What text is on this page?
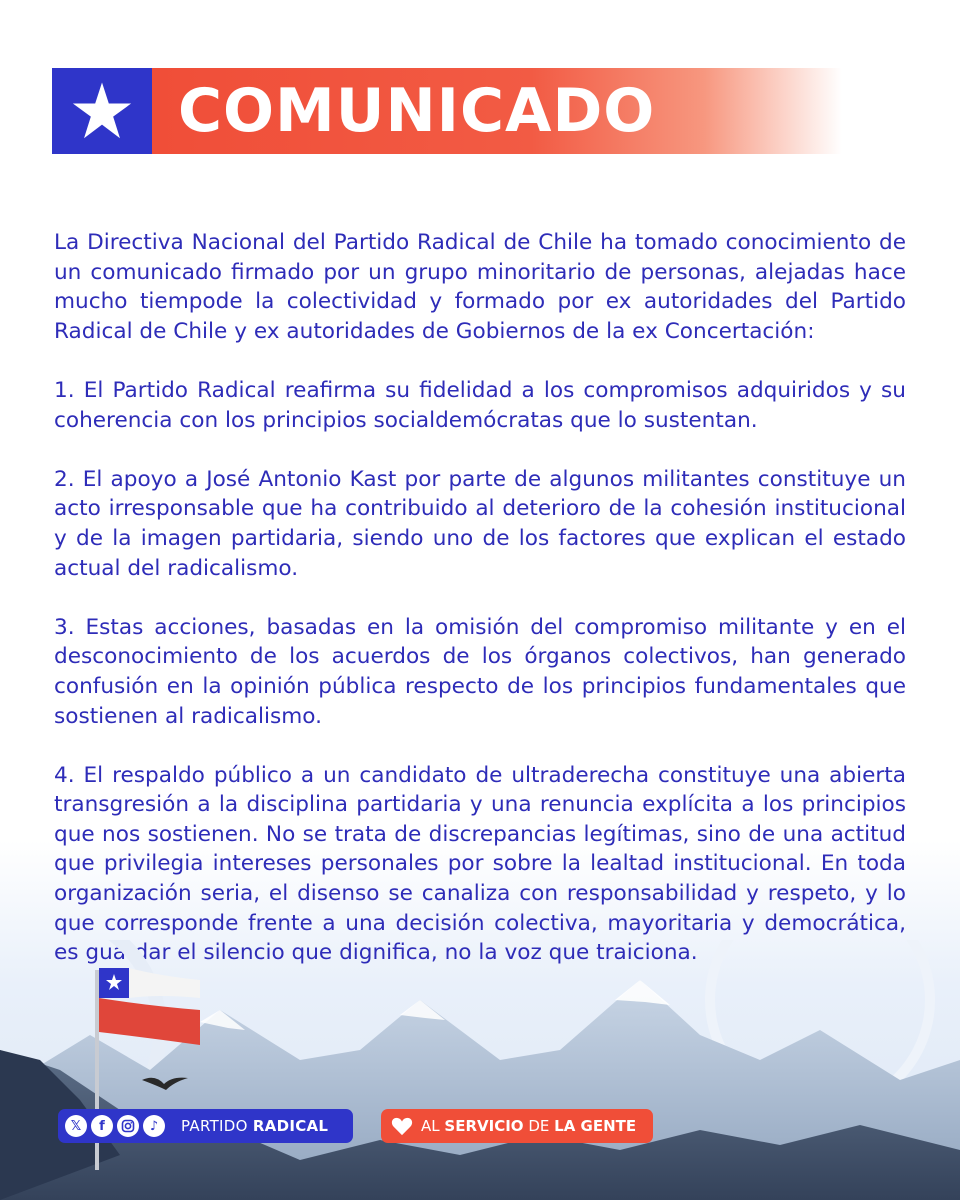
COMUNICADO

La Directiva Nacional del Partido Radical de Chile ha tomado conocimiento de un comunicado firmado por un grupo minoritario de personas, alejadas hace mucho tiempode la colectividad y formado por ex autoridades del Partido Radical de Chile y ex autoridades de Gobiernos de la ex Concertación:

1. El Partido Radical reafirma su fidelidad a los compromisos adquiridos y su coherencia con los principios socialdemócratas que lo sustentan.

2. El apoyo a José Antonio Kast por parte de algunos militantes constituye un acto irresponsable que ha contribuido al deterioro de la cohesión institucional y de la imagen partidaria, siendo uno de los factores que explican el estado actual del radicalismo.

3. Estas acciones, basadas en la omisión del compromiso militante y en el desconocimiento de los acuerdos de los órganos colectivos, han generado confusión en la opinión pública respecto de los principios fundamentales que sostienen al radicalismo.

4. El respaldo público a un candidato de ultraderecha constituye una abierta transgresión a la disciplina partidaria y una renuncia explícita a los principios que nos sostienen. No se trata de discrepancias legítimas, sino de una actitud que privilegia intereses personales por sobre la lealtad institucional. En toda organización seria, el disenso se canaliza con responsabilidad y respeto, y lo que corresponde frente a una decisión colectiva, mayoritaria y democrática, es guardar el silencio que dignifica, no la voz que traiciona.

𝕏	f	♪	PARTIDO RADICAL	AL SERVICIO DE LA GENTE
